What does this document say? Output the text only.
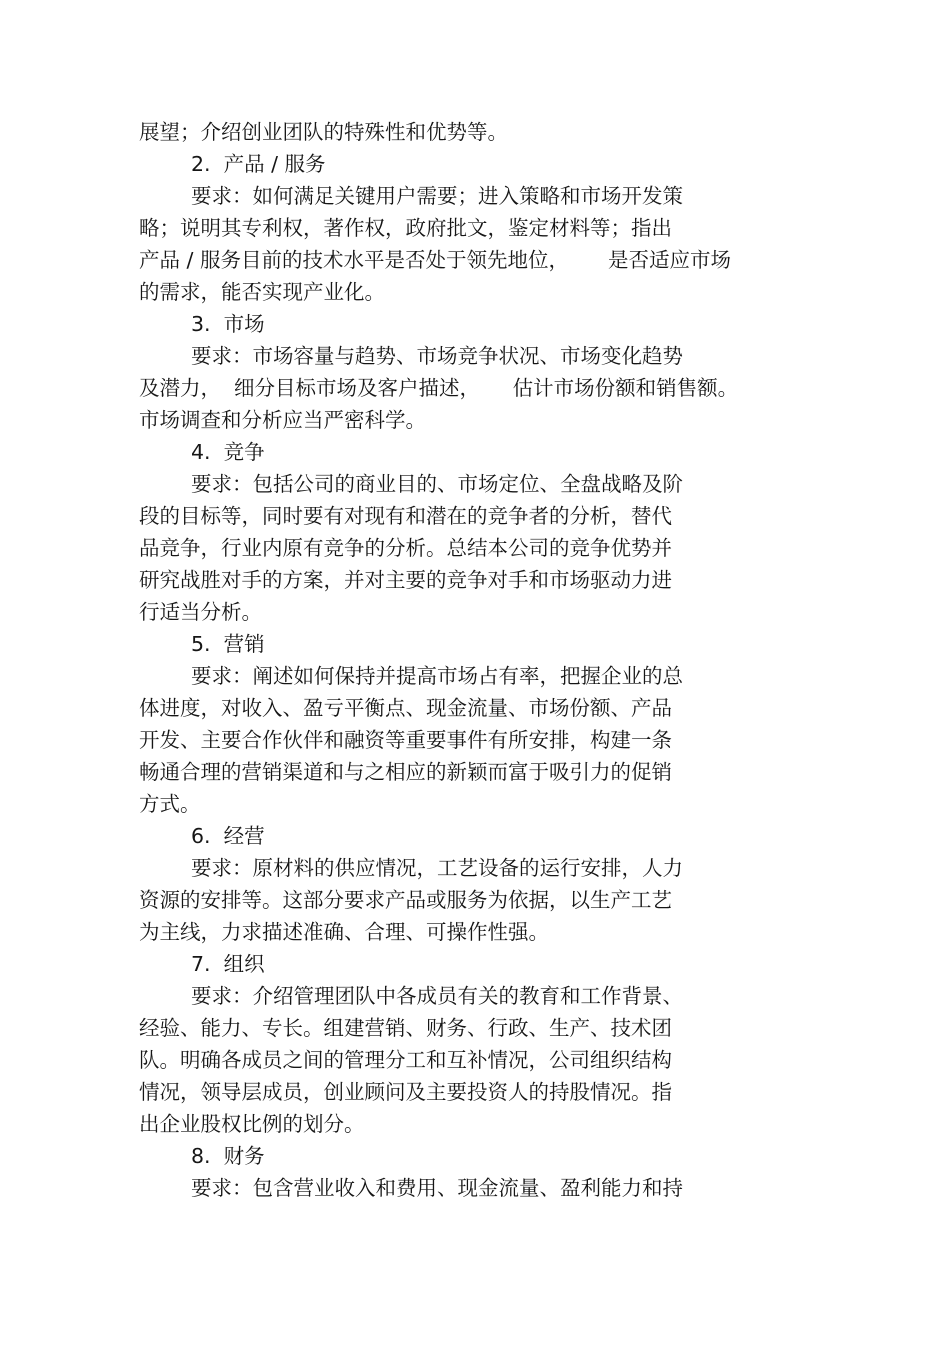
展望；介绍创业团队的特殊性和优势等。
2.  产品 / 服务
要求：如何满足关键用户需要；进入策略和市场开发策
略；说明其专利权，著作权，政府批文，鉴定材料等；指出
产品 / 服务目前的技术水平是否处于领先地位，      是否适应市场
的需求，能否实现产业化。
3.  市场
要求：市场容量与趋势、市场竞争状况、市场变化趋势
及潜力，  细分目标市场及客户描述，     估计市场份额和销售额。
市场调查和分析应当严密科学。
4.  竞争
要求：包括公司的商业目的、市场定位、全盘战略及阶
段的目标等，同时要有对现有和潜在的竞争者的分析，替代
品竞争，行业内原有竞争的分析。总结本公司的竞争优势并
研究战胜对手的方案，并对主要的竞争对手和市场驱动力进
行适当分析。
5.  营销
要求：阐述如何保持并提高市场占有率，把握企业的总
体进度，对收入、盈亏平衡点、现金流量、市场份额、产品
开发、主要合作伙伴和融资等重要事件有所安排，构建一条
畅通合理的营销渠道和与之相应的新颖而富于吸引力的促销
方式。
6.  经营
要求：原材料的供应情况，工艺设备的运行安排，人力
资源的安排等。这部分要求产品或服务为依据，以生产工艺
为主线，力求描述准确、合理、可操作性强。
7.  组织
要求：介绍管理团队中各成员有关的教育和工作背景、
经验、能力、专长。组建营销、财务、行政、生产、技术团
队。明确各成员之间的管理分工和互补情况，公司组织结构
情况，领导层成员，创业顾问及主要投资人的持股情况。指
出企业股权比例的划分。
8.  财务
要求：包含营业收入和费用、现金流量、盈利能力和持
